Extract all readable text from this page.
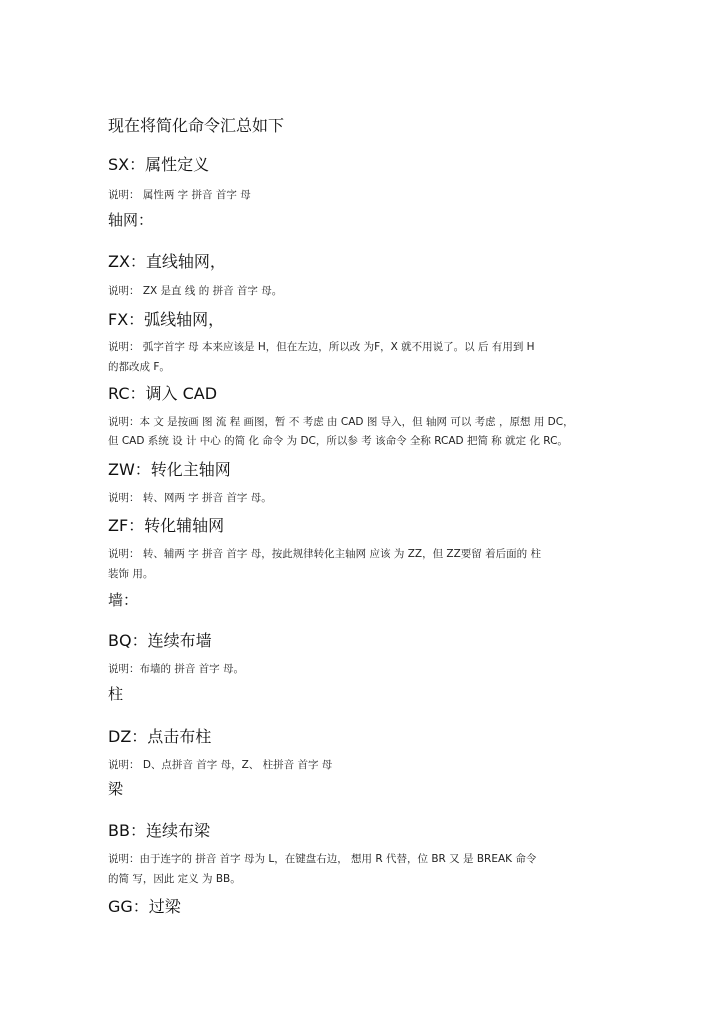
现在将简化命令汇总如下

SX：属性定义

说明： 属性两 字 拼音 首字 母

轴网：

ZX：直线轴网，

说明： ZX 是直 线 的 拼音 首字 母。

FX：弧线轴网，

说明： 弧字首字 母 本来应该是 H，但在左边，所以改 为F，X 就不用说了。以 后 有用到 H

的都改成 F。

RC：调入 CAD

说明：本 文 是按画 图 流 程 画图，暂 不 考虑 由 CAD 图 导入，但 轴网 可以 考虑 ，原想 用 DC，

但 CAD 系统 设 计 中心 的简 化 命令 为 DC，所以参 考 该命令 全称 RCAD 把简 称 就定 化 RC。

ZW：转化主轴网

说明： 转、网两 字 拼音 首字 母。

ZF：转化辅轴网

说明： 转、辅两 字 拼音 首字 母，按此规律转化主轴网 应该 为 ZZ，但 ZZ要留 着后面的 柱

装饰 用。

墙：

BQ：连续布墙

说明：布墙的 拼音 首字 母。

柱

DZ：点击布柱

说明： D、点拼音 首字 母，Z、 柱拼音 首字 母

梁

BB：连续布梁

说明：由于连字的 拼音 首字 母为 L，在键盘右边， 想用 R 代替，位 BR 又 是 BREAK 命令

的简 写，因此 定义 为 BB。

GG：过梁
